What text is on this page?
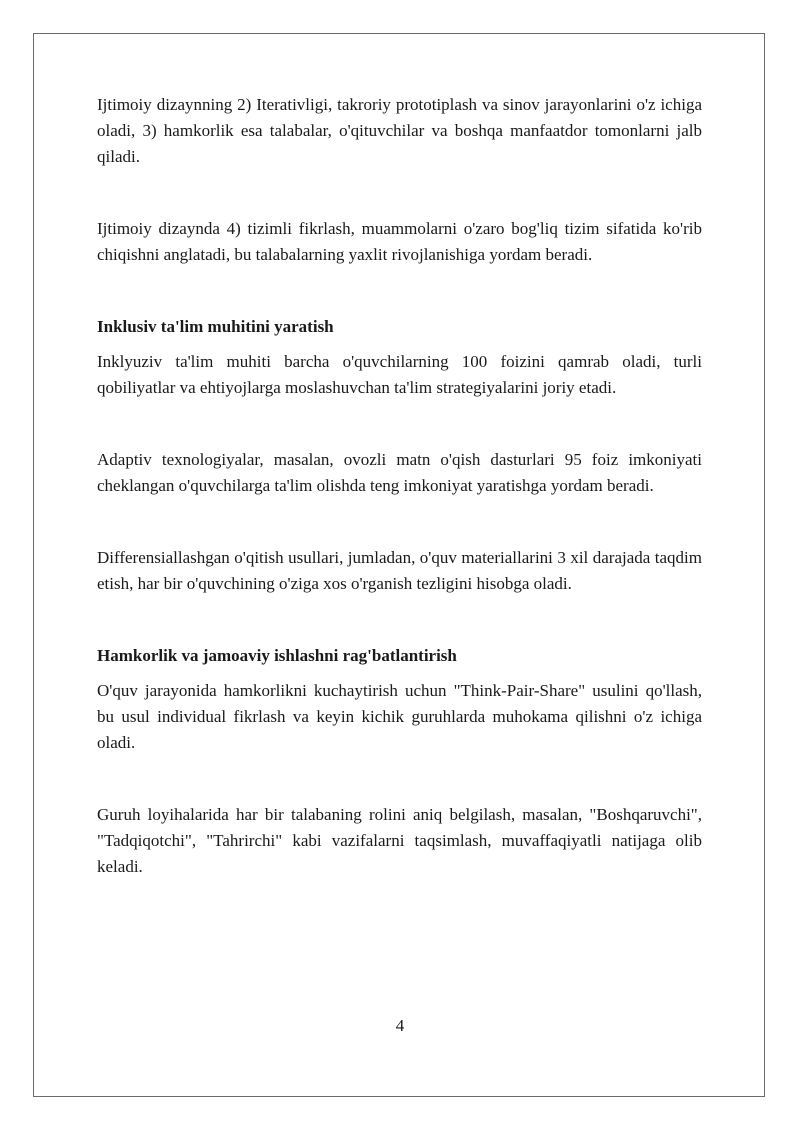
Ijtimoiy dizaynning 2) Iterativligi, takroriy prototiplash va sinov jarayonlarini o'z ichiga oladi, 3) hamkorlik esa talabalar, o'qituvchilar va boshqa manfaatdor tomonlarni jalb qiladi.

Ijtimoiy dizaynda 4) tizimli fikrlash, muammolarni o'zaro bog'liq tizim sifatida ko'rib chiqishni anglatadi, bu talabalarning yaxlit rivojlanishiga yordam beradi.

Inklusiv ta'lim muhitini yaratish

Inklyuziv ta'lim muhiti barcha o'quvchilarning 100 foizini qamrab oladi, turli qobiliyatlar va ehtiyojlarga moslashuvchan ta'lim strategiyalarini joriy etadi.

Adaptiv texnologiyalar, masalan, ovozli matn o'qish dasturlari 95 foiz imkoniyati cheklangan o'quvchilarga ta'lim olishda teng imkoniyat yaratishga yordam beradi.

Differensiallashgan o'qitish usullari, jumladan, o'quv materiallarini 3 xil darajada taqdim etish, har bir o'quvchining o'ziga xos o'rganish tezligini hisobga oladi.

Hamkorlik va jamoaviy ishlashni rag'batlantirish

O'quv jarayonida hamkorlikni kuchaytirish uchun "Think-Pair-Share" usulini qo'llash, bu usul individual fikrlash va keyin kichik guruhlarda muhokama qilishni o'z ichiga oladi.

Guruh loyihalarida har bir talabaning rolini aniq belgilash, masalan, "Boshqaruvchi", "Tadqiqotchi", "Tahrirchi" kabi vazifalarni taqsimlash, muvaffaqiyatli natijaga olib keladi.

4
